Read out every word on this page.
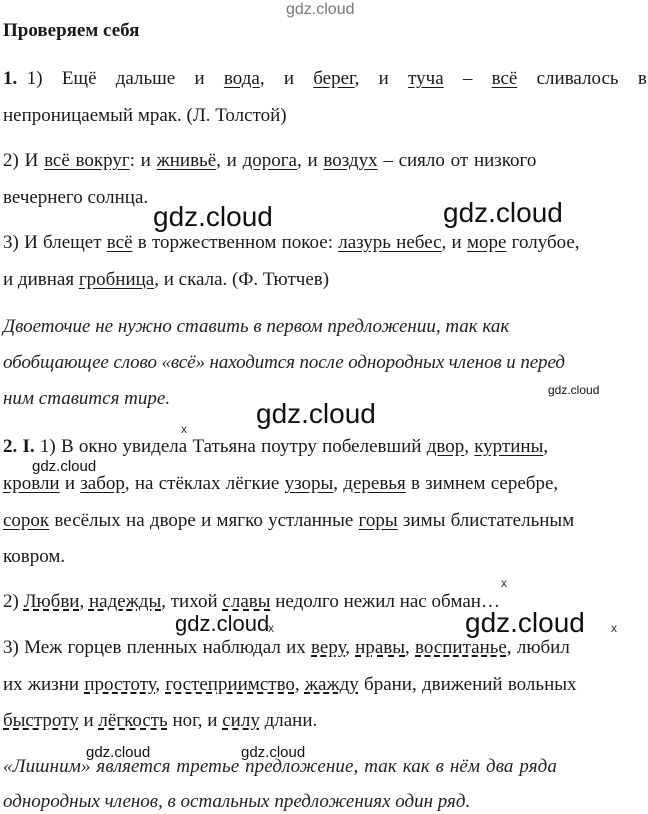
gdz.cloud
Проверяем себя
1. 1) Ещё дальше и вода, и берег, и туча – всё сливалось в
непроницаемый мрак. (Л. Толстой)
2) И всё вокруг: и жнивьё, и дорога, и воздух – сияло от низкого
вечернего солнца.
gdz.cloud	gdz.cloud
3) И блещет всё в торжественном покое: лазурь небес, и море голубое,
и дивная гробница, и скала. (Ф. Тютчев)
Двоеточие не нужно ставить в первом предложении, так как
обобщающее слово «всё» находится после однородных членов и перед
ним ставится тире.	gdz.cloud
gdz.cloud
x
2. I. 1) В окно увидела Татьяна поутру побелевший двор, куртины,
gdz.cloud
кровли и забор, на стёклах лёгкие узоры, деревья в зимнем серебре,
сорок весёлых на дворе и мягко устланные горы зимы блистательным
ковром.
x
2) Любви, надежды, тихой славы недолго нежил нас обман…
gdz.cloud
x	gdz.cloud x
3) Меж горцев пленных наблюдал их веру, нравы, воспитанье, любил
их жизни простоту, гостеприимство, жажду брани, движений вольных
быстроту и лёгкость ног, и силу длани.
gdz.cloud	gdz.cloud
«Лишним» является третье предложение, так как в нём два ряда
однородных членов, в остальных предложениях один ряд.
